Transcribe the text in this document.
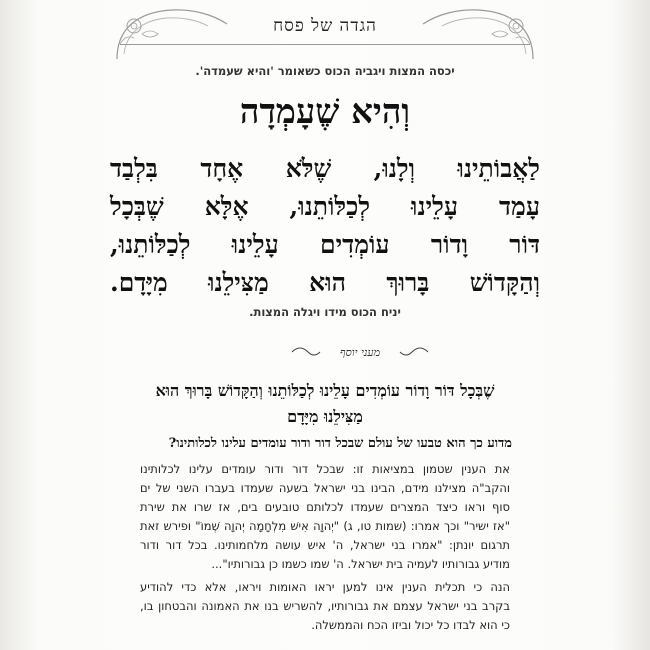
הגדה של פסח
יכסה המצות ויגביה הכוס כשאומר 'והיא שעמדה'.
וְהִיא שֶׁעָמְדָה
לַאֲבוֹתֵינוּ וְלָנוּ, שֶׁלֹּא אֶחָד בִּלְבַד
עָמַד עָלֵינוּ לְכַלּוֹתֵנוּ, אֶלָּא שֶׁבְּכָל
דּוֹר וָדוֹר עוֹמְדִים עָלֵינוּ לְכַלּוֹתֵנוּ,
וְהַקָּדוֹשׁ בָּרוּךְ הוּא מַצִּילֵנוּ מִיָּדָם.
יניח הכוס מידו ויגלה המצות.
מעני יוסף
שֶׁבְּכָל דּוֹר וָדוֹר עוֹמְדִים עָלֵינוּ לְכַלּוֹתֵנוּ וְהַקָּדוֹשׁ בָּרוּךְ הוּא
מַצִּילֵנוּ מִיָּדָם
מדוע כך הוא טבעו של עולם שבכל דור ודור עומדים עלינו לכלותינו?
את הענין שטמון במציאות זו: שבכל דור ודור עומדים עלינו לכלותינו
והקב"ה מצילנו מידם, הבינו בני ישראל בשעה שעמדו בעברו השני של ים
סוף וראו כיצד המצרים שעמדו לכלותם טובעים בים, אז שרו את שירת
"אז ישיר" וכך אמרו: (שמות טו, ג) "יְהוָה אִישׁ מִלְחָמָה יְהוָה שְׁמוֹ" ופירש זאת
תרגום יונתן: "אמרו בני ישראל, ה' איש עושה מלחמותינו. בכל דור ודור
מודיע גבורותיו לעמיה בית ישראל. ה' שמו כשמו כן גבורותיו"...
הנה כי תכלית הענין אינו למען יראו האומות ויראו, אלא כדי להודיע
בקרב בני ישראל עצמם את גבורותיו, להשריש בנו את האמונה והבטחון בו,
כי הוא לבדו כל יכול וביזו הכח והממשלה.
